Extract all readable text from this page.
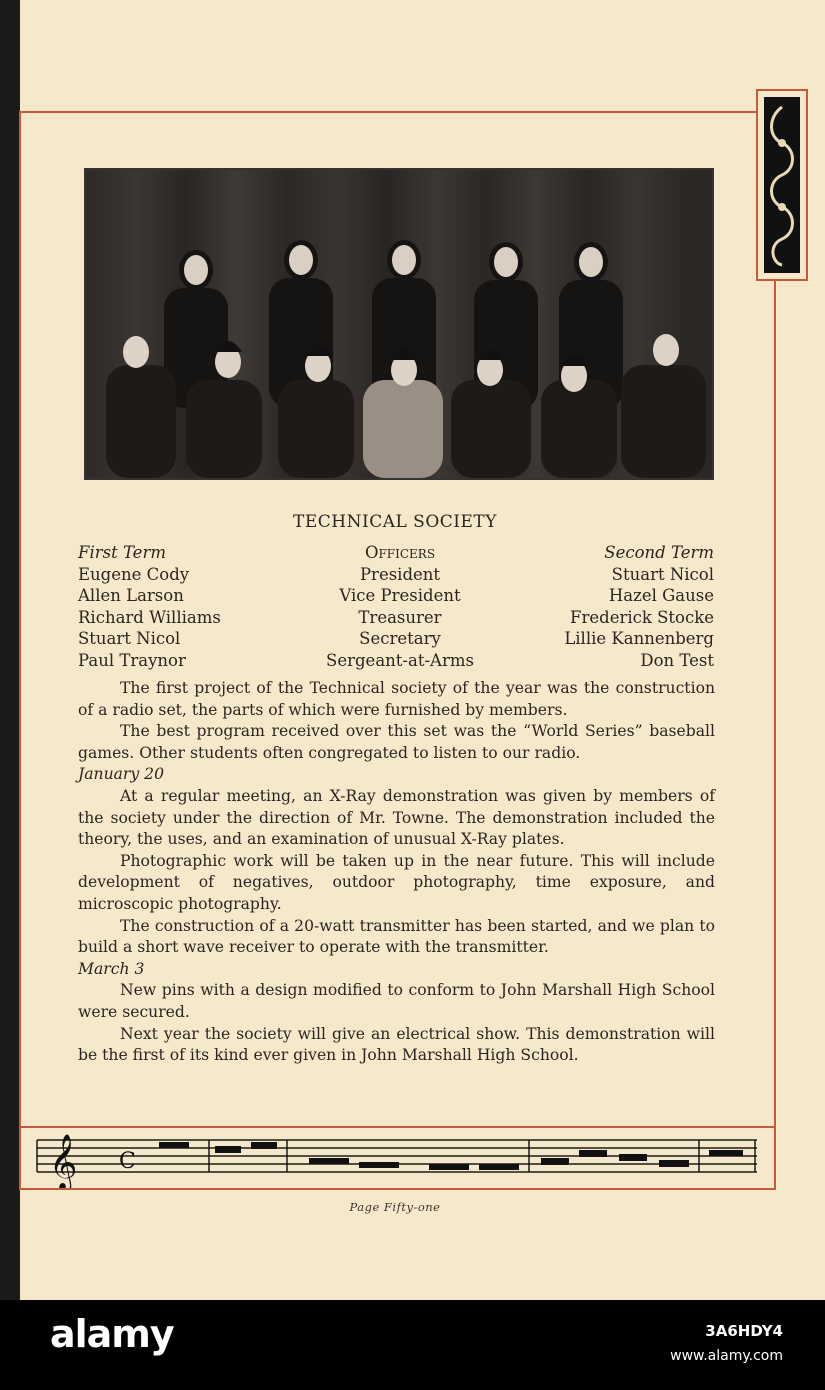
TECHNICAL SOCIETY
First Term
Eugene Cody
Allen Larson
Richard Williams
Stuart Nicol
Paul Traynor
Officers
President
Vice President
Treasurer
Secretary
Sergeant-at-Arms
Second Term
Stuart Nicol
Hazel Gause
Frederick Stocke
Lillie Kannenberg
Don Test

The first project of the Technical society of the year was the construction of a radio set, the parts of which were furnished by members.

The best program received over this set was the “World Series” baseball games. Other students often congregated to listen to our radio.

January 20

At a regular meeting, an X-Ray demonstration was given by members of the society under the direction of Mr. Towne. The demonstration included the theory, the uses, and an examination of unusual X-Ray plates.

Photographic work will be taken up in the near future. This will include development of negatives, outdoor photography, time exposure, and microscopic photography.

The construction of a 20-watt transmitter has been started, and we plan to build a short wave receiver to operate with the transmitter.

March 3

New pins with a design modified to conform to John Marshall High School were secured.

Next year the society will give an electrical show. This demonstration will be the first of its kind ever given in John Marshall High School.

𝄞 C
Page Fifty-one
alamy	3A6HDY4
www.alamy.com
